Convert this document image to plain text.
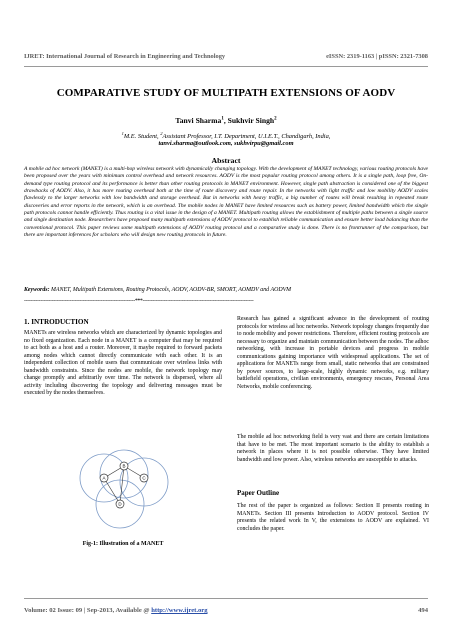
IJRET: International Journal of Research in Engineering and Technology	eISSN: 2319-1163 | pISSN: 2321-7308
COMPARATIVE STUDY OF MULTIPATH EXTENSIONS OF AODV
Tanvi Sharma$^1$, Sukhvir Singh$^2$
$^1$M.E. Student, $^2$Assistant Professor, I.T. Department, U.I.E.T., Chandigarh, India,
tanvi.sharma@outlook.com, sukhvirpu@gmail.com
Abstract
A mobile ad hoc network (MANET) is a multi-hop wireless network with dynamically changing topology. With the development of MANET technology, various routing protocols have been proposed over the years with minimum control overhead and network resources. AODV is the most popular routing protocol among others. It is a single path, loop free, On-demand type routing protocol and its performance is better than other routing protocols in MANET environment. However, single path abstraction is considered one of the biggest drawbacks of AODV. Also, it has more routing overhead both at the time of route discovery and route repair. In the networks with light traffic and low mobility AODV scales flawlessly to the larger networks with low bandwidth and storage overhead. But in networks with heavy traffic, a big number of routes will break resulting in repeated route discoveries and error reports in the network, which is an overhead. The mobile nodes in MANET have limited resources such as battery power, limited bandwidth which the single path protocols cannot handle efficiently. Thus routing is a vital issue in the design of a MANET. Multipath routing allows the establishment of multiple paths between a single source and single destination node. Researchers have proposed many multipath extensions of AODV protocol to establish reliable communication and ensure better load balancing than the conventional protocol. This paper reviews some multipath extensions of AODV routing protocol and a comparative study is done. There is no frontrunner of the comparison, but there are important inferences for scholars who will design new routing protocols in future.
Keywords: MANET, Multipath Extensions, Routing Protocols, AODV, AODV-BR, SMORT, AOMDV and AODVM
--------------------------------------------------------------------***--------------------------------------------------------------------
1. INTRODUCTION
MANETs are wireless networks which are characterized by dynamic topologies and no fixed organization. Each node in a MANET is a computer that may be required to act both as a host and a router. Moreover, it maybe required to forward packets among nodes which cannot directly communicate with each other. It is an independent collection of mobile users that communicate over wireless links with bandwidth constraints. Since the nodes are mobile, the network topology may change promptly and arbitrarily over time. The network is dispersed, where all activity including discovering the topology and delivering messages must be executed by the nodes themselves.
A
B
C
D
Fig-1: Illustration of a MANET
Research has gained a significant advance in the development of routing protocols for wireless ad hoc networks. Network topology changes frequently due to node mobility and power restrictions. Therefore, efficient routing protocols are necessary to organize and maintain communication between the nodes. The adhoc networking, with increase in portable devices and progress in mobile communications gaining importance with widespread applications. The set of applications for MANETs range from small, static networks that are constrained by power sources, to large-scale, highly dynamic networks, e.g. military battlefield operations, civilian environments, emergency rescues, Personal Area Networks, mobile conferencing.
The mobile ad hoc networking field is very vast and there are certain limitations that have to be met. The most important scenario is the ability to establish a network in places where it is not possible otherwise. They have limited bandwidth and low power. Also, wireless networks are susceptible to attacks.
Paper Outline
The rest of the paper is organized as follows: Section II presents routing in MANETs. Section III presents Introduction to AODV protocol. Section IV presents the related work In V, the extensions to AODV are explained. VI concludes the paper.
Volume: 02 Issue: 09 | Sep-2013, Available @ http://www.ijret.org	494
